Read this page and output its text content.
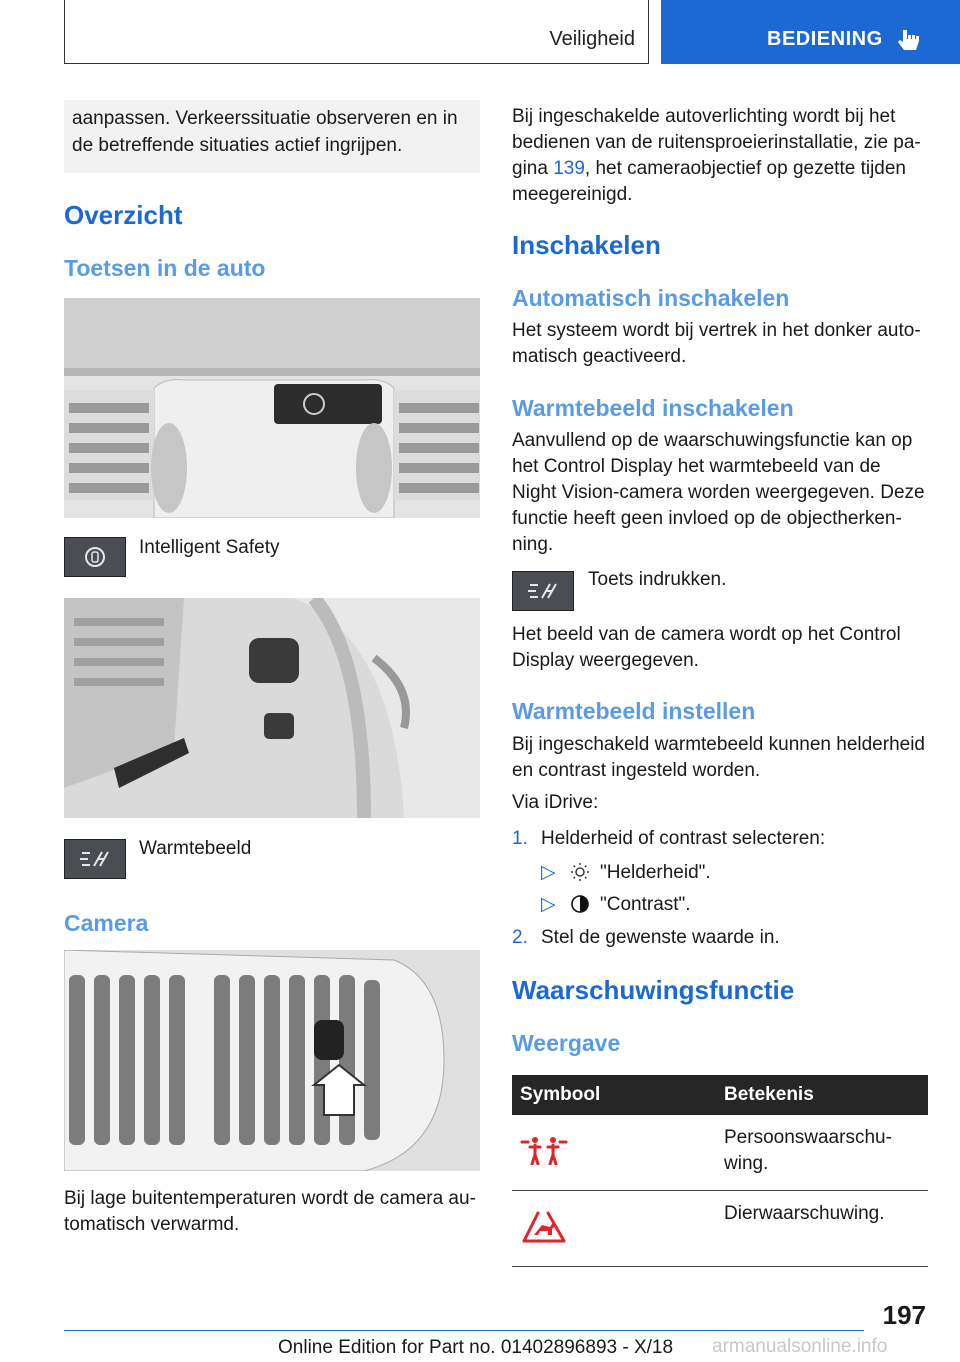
Veiligheid	BEDIENING
aanpassen. Verkeerssituatie observeren en in de betreffende situaties actief ingrijpen.
Overzicht
Toetsen in de auto
Intelligent Safety
Warmtebeeld
Camera
Bij lage buitentemperaturen wordt de camera au-tomatisch verwarmd.
Bij ingeschakelde autoverlichting wordt bij het bedienen van de ruitensproeierinstallatie, zie pa-gina 139, het cameraobjectief op gezette tijden meegereinigd.
Inschakelen
Automatisch inschakelen
Het systeem wordt bij vertrek in het donker auto-matisch geactiveerd.
Warmtebeeld inschakelen
Aanvullend op de waarschuwingsfunctie kan op het Control Display het warmtebeeld van de Night Vision-camera worden weergegeven. Deze functie heeft geen invloed op de objectherken-ning.
Toets indrukken.
Het beeld van de camera wordt op het Control Display weergegeven.
Warmtebeeld instellen
Bij ingeschakeld warmtebeeld kunnen helderheid en contrast ingesteld worden.
Via iDrive:
1. Helderheid of contrast selecteren:
▷ "Helderheid".
▷ "Contrast".
2. Stel de gewenste waarde in.
Waarschuwingsfunctie
Weergave
Symbool	Betekenis
Persoonswaarschu-wing.
Dierwaarschuwing.
197
Online Edition for Part no. 01402896893 - X/18 armanualsonline.info
